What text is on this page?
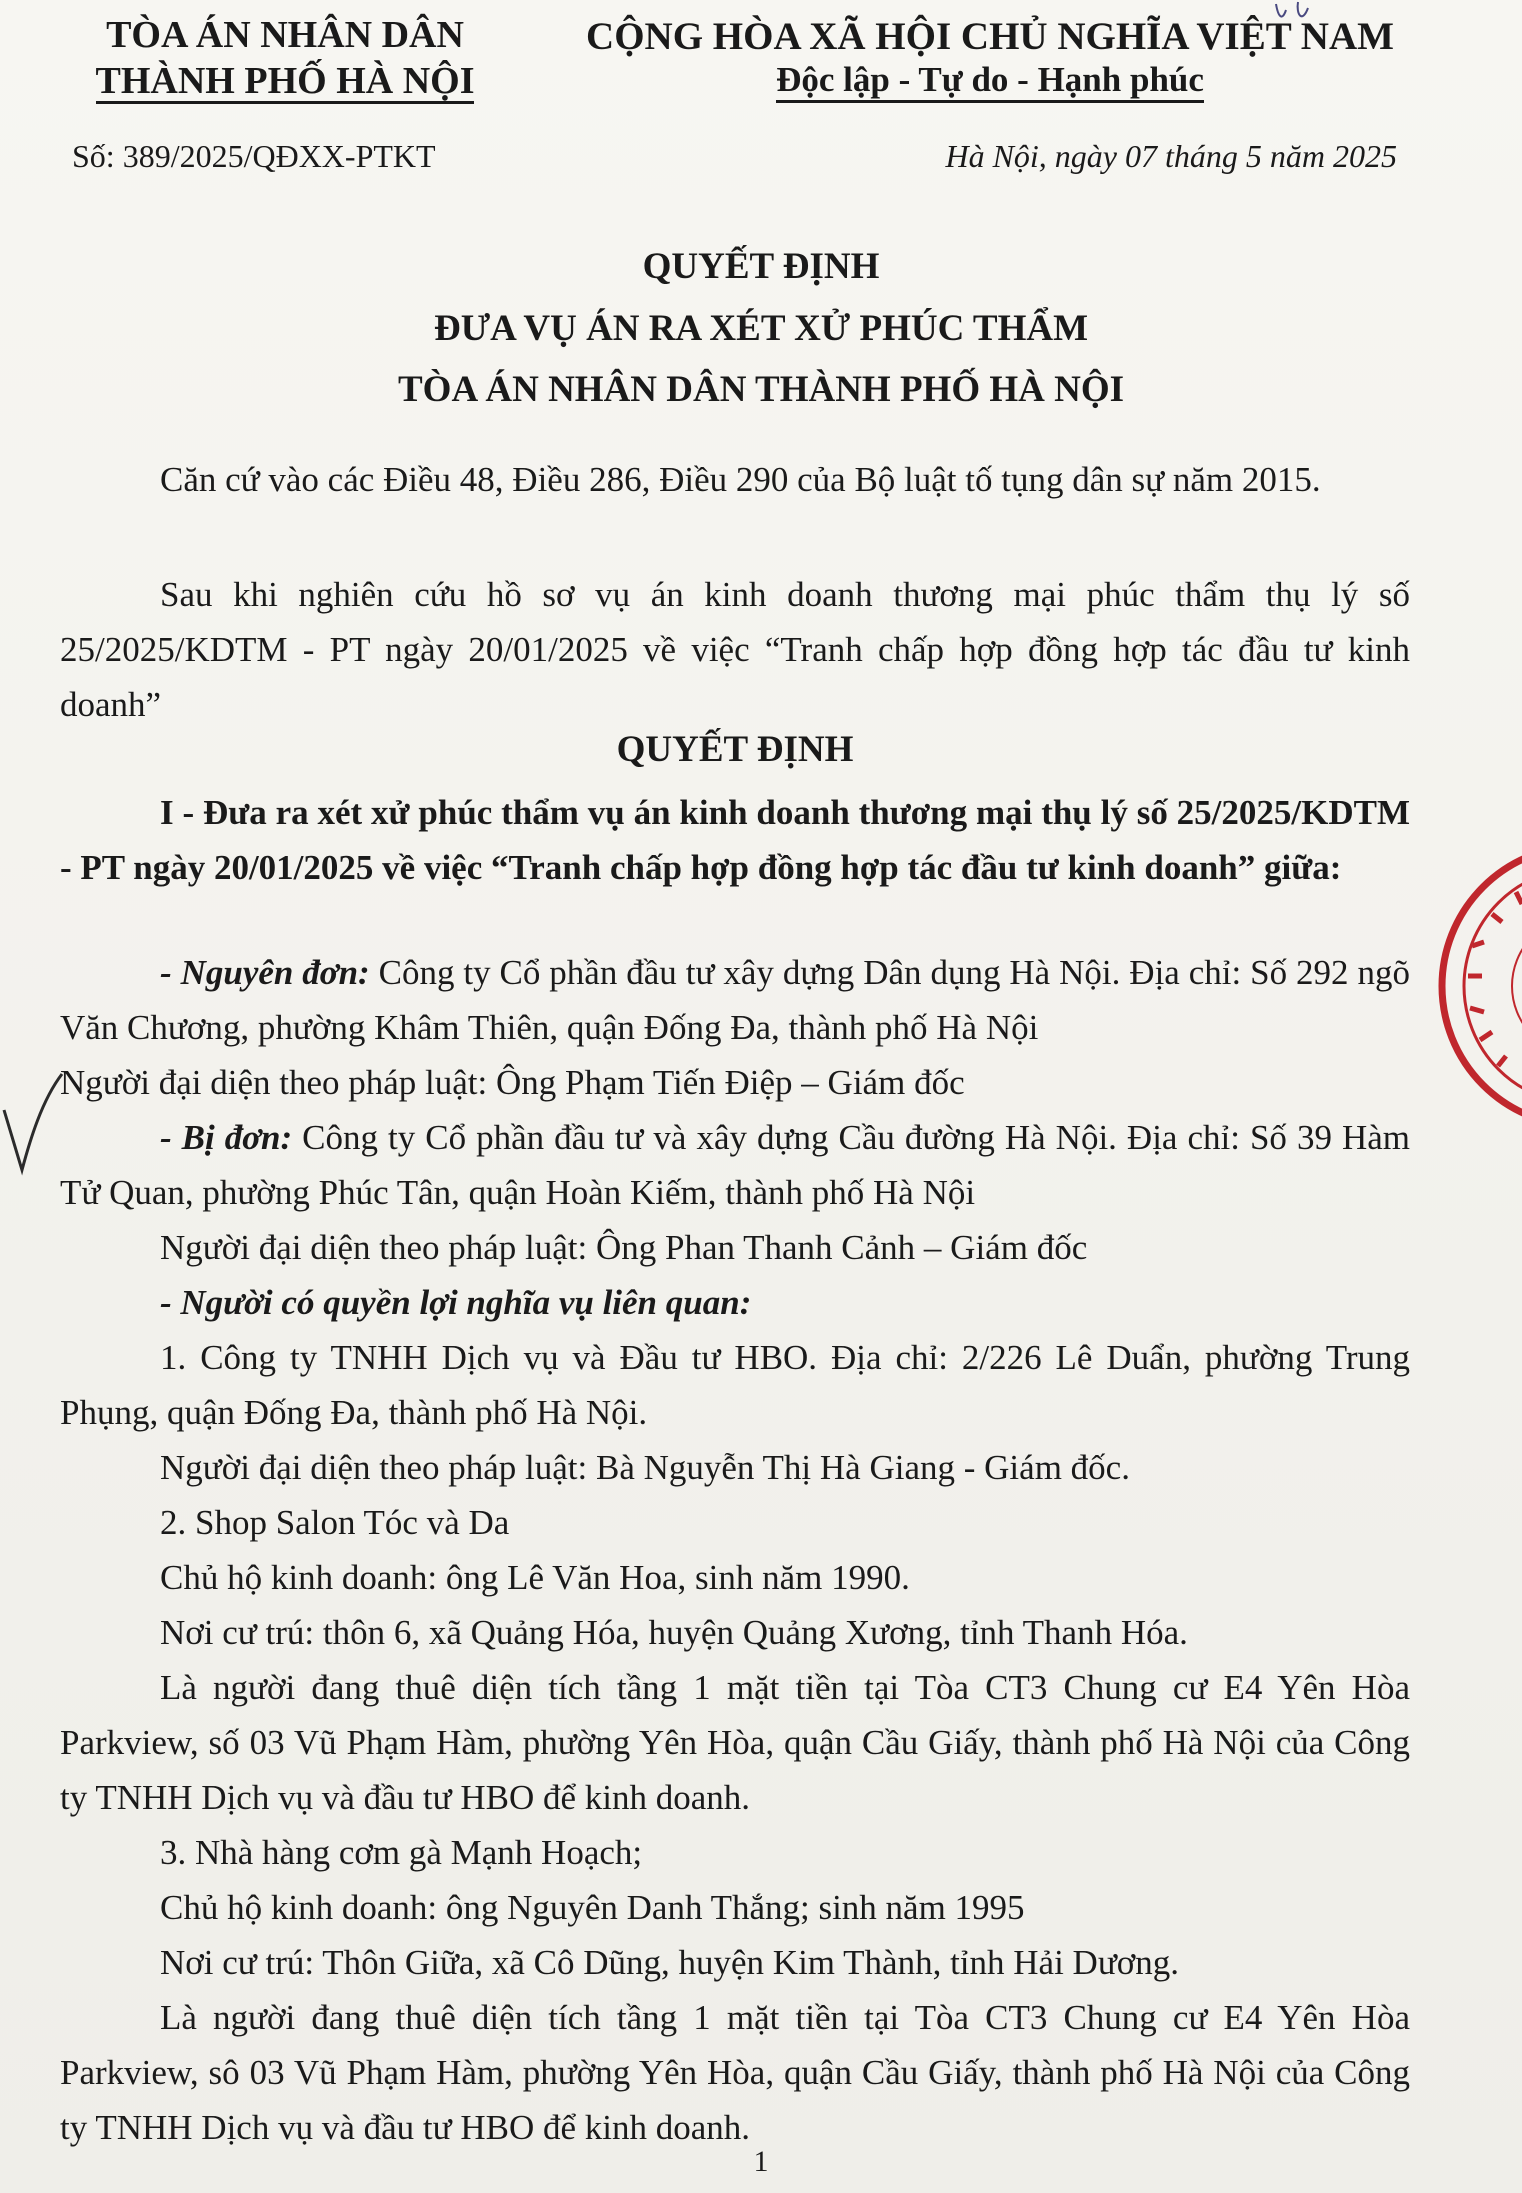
TÒA ÁN NHÂN DÂN
THÀNH PHỐ HÀ NỘI
CỘNG HÒA XÃ HỘI CHỦ NGHĨA VIỆT NAM
Độc lập - Tự do - Hạnh phúc
Số: 389/2025/QĐXX-PTKT	Hà Nội, ngày 07 tháng 5 năm 2025
QUYẾT ĐỊNH
ĐƯA VỤ ÁN RA XÉT XỬ PHÚC THẨM
TÒA ÁN NHÂN DÂN THÀNH PHỐ HÀ NỘI

Căn cứ vào các Điều 48, Điều 286, Điều 290 của Bộ luật tố tụng dân sự năm 2015.

Sau khi nghiên cứu hồ sơ vụ án kinh doanh thương mại phúc thẩm thụ lý số 25/2025/KDTM - PT ngày 20/01/2025 về việc “Tranh chấp hợp đồng hợp tác đầu tư kinh doanh”

QUYẾT ĐỊNH

I - Đưa ra xét xử phúc thẩm vụ án kinh doanh thương mại thụ lý số 25/2025/KDTM - PT ngày 20/01/2025 về việc “Tranh chấp hợp đồng hợp tác đầu tư kinh doanh” giữa:

- Nguyên đơn: Công ty Cổ phần đầu tư xây dựng Dân dụng Hà Nội. Địa chỉ: Số 292 ngõ Văn Chương, phường Khâm Thiên, quận Đống Đa, thành phố Hà Nội

Người đại diện theo pháp luật: Ông Phạm Tiến Điệp – Giám đốc

- Bị đơn: Công ty Cổ phần đầu tư và xây dựng Cầu đường Hà Nội. Địa chỉ: Số 39 Hàm Tử Quan, phường Phúc Tân, quận Hoàn Kiếm, thành phố Hà Nội

Người đại diện theo pháp luật: Ông Phan Thanh Cảnh – Giám đốc

- Người có quyền lợi nghĩa vụ liên quan:

1. Công ty TNHH Dịch vụ và Đầu tư HBO. Địa chỉ: 2/226 Lê Duẩn, phường Trung Phụng, quận Đống Đa, thành phố Hà Nội.

Người đại diện theo pháp luật: Bà Nguyễn Thị Hà Giang - Giám đốc.

2. Shop Salon Tóc và Da

Chủ hộ kinh doanh: ông Lê Văn Hoa, sinh năm 1990.

Nơi cư trú: thôn 6, xã Quảng Hóa, huyện Quảng Xương, tỉnh Thanh Hóa.

Là người đang thuê diện tích tầng 1 mặt tiền tại Tòa CT3 Chung cư E4 Yên Hòa Parkview, số 03 Vũ Phạm Hàm, phường Yên Hòa, quận Cầu Giấy, thành phố Hà Nội của Công ty TNHH Dịch vụ và đầu tư HBO để kinh doanh.

3. Nhà hàng cơm gà Mạnh Hoạch;

Chủ hộ kinh doanh: ông Nguyên Danh Thắng; sinh năm 1995

Nơi cư trú: Thôn Giữa, xã Cô Dũng, huyện Kim Thành, tỉnh Hải Dương.

Là người đang thuê diện tích tầng 1 mặt tiền tại Tòa CT3 Chung cư E4 Yên Hòa Parkview, sô 03 Vũ Phạm Hàm, phường Yên Hòa, quận Cầu Giấy, thành phố Hà Nội của Công ty TNHH Dịch vụ và đầu tư HBO để kinh doanh.

1
